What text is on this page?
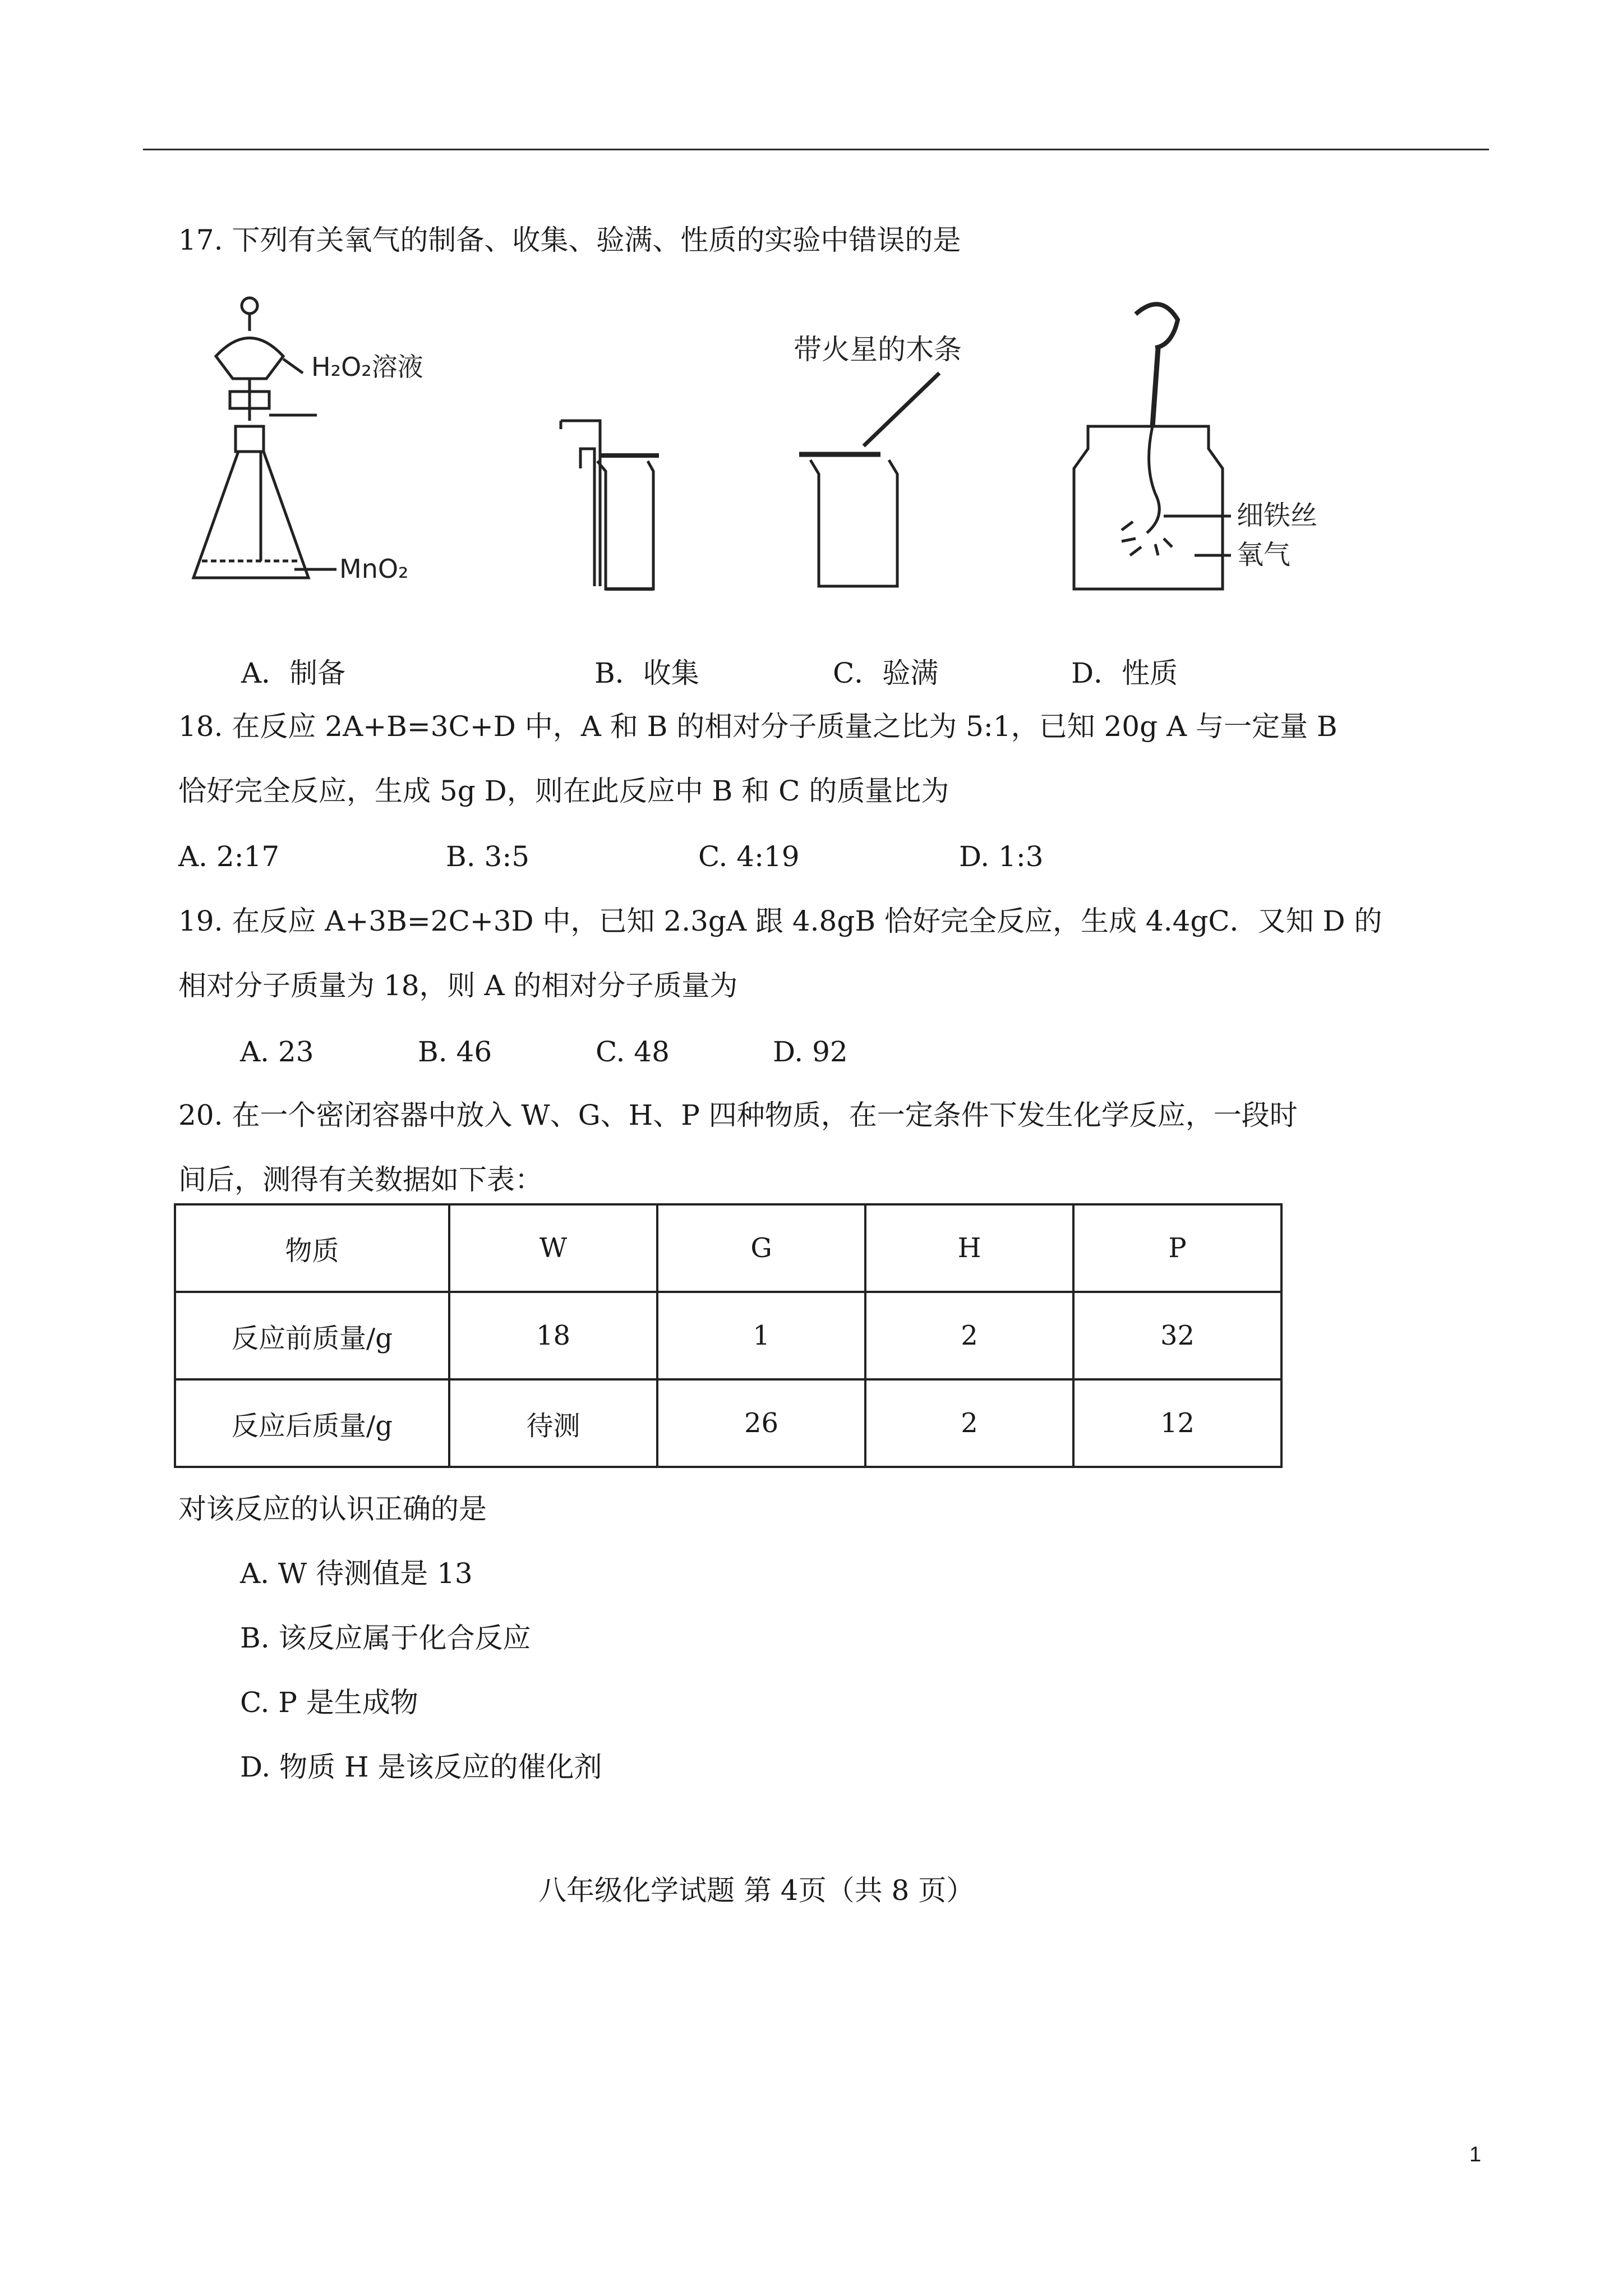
17. 下列有关氧气的制备、收集、验满、性质的实验中错误的是
H₂O₂溶液
MnO₂
带火星的木条
细铁丝
氧气
A．制备	B．收集	C．验满	D．性质
18. 在反应 2A+B=3C+D 中，A 和 B 的相对分子质量之比为 5:1，已知 20g A 与一定量 B
恰好完全反应，生成 5g D，则在此反应中 B 和 C 的质量比为
A. 2:17	B. 3:5	C. 4:19	D. 1:3
19. 在反应 A+3B=2C+3D 中，已知 2.3gA 跟 4.8gB 恰好完全反应，生成 4.4gC．又知 D 的
相对分子质量为 18，则 A 的相对分子质量为
A. 23	B. 46	C. 48	D. 92
20. 在一个密闭容器中放入 W、G、H、P 四种物质，在一定条件下发生化学反应，一段时
间后，测得有关数据如下表：
物质	W	G	H	P
反应前质量/g	18	1	2	32
反应后质量/g	待测	26	2	12
对该反应的认识正确的是
A. W 待测值是 13
B. 该反应属于化合反应
C. P 是生成物
D. 物质 H 是该反应的催化剂
八年级化学试题 第 4页（共 8 页）
1
